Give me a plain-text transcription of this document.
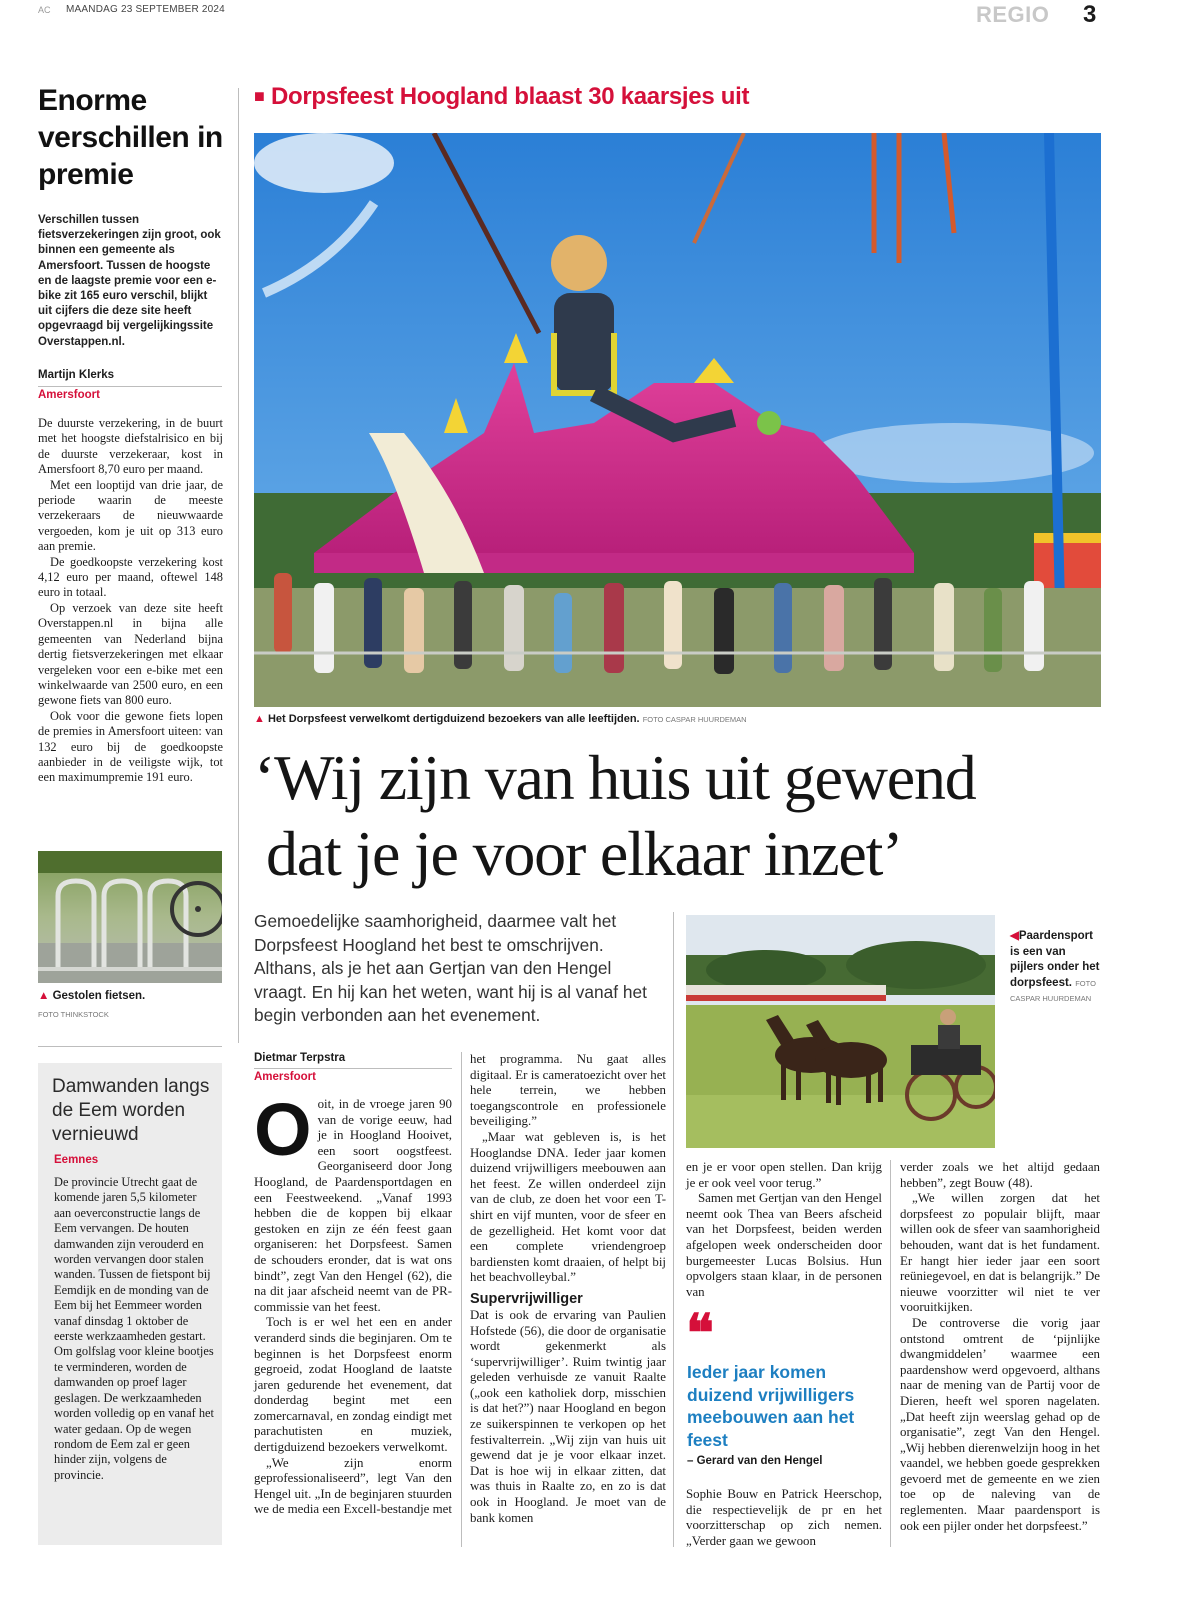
AC MAANDAG 23 SEPTEMBER 2024	REGIO 3
Enorme verschillen in premie
Verschillen tussen fietsverzekeringen zijn groot, ook binnen een gemeente als Amersfoort. Tussen de hoogste en de laagste premie voor een e-bike zit 165 euro verschil, blijkt uit cijfers die deze site heeft opgevraagd bij vergelijkingssite Overstappen.nl.
Martijn Klerks
Amersfoort

De duurste verzekering, in de buurt met het hoogste diefstalrisico en bij de duurste verzekeraar, kost in Amersfoort 8,70 euro per maand.

Met een looptijd van drie jaar, de periode waarin de meeste verzekeraars de nieuwwaarde vergoeden, kom je uit op 313 euro aan premie.

De goedkoopste verzekering kost 4,12 euro per maand, oftewel 148 euro in totaal.

Op verzoek van deze site heeft Overstappen.nl in bijna alle gemeenten van Nederland bijna dertig fietsverzekeringen met elkaar vergeleken voor een e-bike met een winkelwaarde van 2500 euro, en een gewone fiets van 800 euro.

Ook voor die gewone fiets lopen de premies in Amersfoort uiteen: van 132 euro bij de goedkoopste aanbieder in de veiligste wijk, tot een maximumpremie 191 euro.

▲ Gestolen fietsen.
FOTO THINKSTOCK
Damwanden langs de Eem worden vernieuwd
Eemnes
De provincie Utrecht gaat de komende jaren 5,5 kilometer aan oeverconstructie langs de Eem vervangen. De houten damwanden zijn verouderd en worden vervangen door stalen wanden. Tussen de fietspont bij Eemdijk en de monding van de Eem bij het Eemmeer worden vanaf dinsdag 1 oktober de eerste werkzaamheden gestart. Om golfslag voor kleine bootjes te verminderen, worden de damwanden op proef lager geslagen. De werkzaamheden worden volledig op en vanaf het water gedaan. Op de wegen rondom de Eem zal er geen hinder zijn, volgens de provincie.
■ Dorpsfeest Hoogland blaast 30 kaarsjes uit
▲ Het Dorpsfeest verwelkomt dertigduizend bezoekers van alle leeftijden. FOTO CASPAR HUURDEMAN
‘Wij zijn van huis uit gewend
dat je je voor elkaar inzet’
Gemoedelijke saamhorigheid, daarmee valt het Dorpsfeest Hoogland het best te omschrijven. Althans, als je het aan Gertjan van den Hengel vraagt. En hij kan het weten, want hij is al vanaf het begin verbonden aan het evenement.
Dietmar Terpstra
Amersfoort

Ooit, in de vroege jaren 90 van de vorige eeuw, had je in Hoogland Hooivet, een soort oogstfeest. Georganiseerd door Jong Hoogland, de Paardensportdagen en een Feestweekend. „Vanaf 1993 hebben die de koppen bij elkaar gestoken en zijn ze één feest gaan organiseren: het Dorpsfeest. Samen de schouders eronder, dat is wat ons bindt”, zegt Van den Hengel (62), die na dit jaar afscheid neemt van de PR-commissie van het feest.

Toch is er wel het een en ander veranderd sinds die beginjaren. Om te beginnen is het Dorpsfeest enorm gegroeid, zodat Hoogland de laatste jaren gedurende het evenement, dat donderdag begint met een zomercarnaval, en zondag eindigt met parachutisten en muziek, dertigduizend bezoekers verwelkomt.

„We zijn enorm geprofessionaliseerd”, legt Van den Hengel uit. „In de beginjaren stuurden we de media een Excell-bestandje met

het programma. Nu gaat alles digitaal. Er is cameratoezicht over het hele terrein, we hebben toegangscontrole en professionele beveiliging.”

„Maar wat gebleven is, is het Hooglandse DNA. Ieder jaar komen duizend vrijwilligers meebouwen aan het feest. Ze willen onderdeel zijn van de club, ze doen het voor een T-shirt en vijf munten, voor de sfeer en de gezelligheid. Het komt voor dat een complete vriendengroep bardiensten komt draaien, of helpt bij het beachvolleybal.”

Supervrijwilliger

Dat is ook de ervaring van Paulien Hofstede (56), die door de organisatie wordt gekenmerkt als ‘supervrijwilliger’. Ruim twintig jaar geleden verhuisde ze vanuit Raalte („ook een katholiek dorp, misschien is dat het?”) naar Hoogland en begon ze suikerspinnen te verkopen op het festivalterrein. „Wij zijn van huis uit gewend dat je je voor elkaar inzet. Dat is hoe wij in elkaar zitten, dat was thuis in Raalte zo, en zo is dat ook in Hoogland. Je moet van de bank komen

◀Paardensport is een van pijlers onder het dorpsfeest. FOTO CASPAR HUURDEMAN

en je er voor open stellen. Dan krijg je er ook veel voor terug.”

Samen met Gertjan van den Hengel neemt ook Thea van Beers afscheid van het Dorpsfeest, beiden werden afgelopen week onderscheiden door burgemeester Lucas Bolsius. Hun opvolgers staan klaar, in de personen van

❝
Ieder jaar komen duizend vrijwilligers meebouwen aan het feest
– Gerard van den Hengel

Sophie Bouw en Patrick Heerschop, die respectievelijk de pr en het voorzitterschap op zich nemen. „Verder gaan we gewoon

verder zoals we het altijd gedaan hebben”, zegt Bouw (48).

„We willen zorgen dat het dorpsfeest zo populair blijft, maar willen ook de sfeer van saamhorigheid behouden, want dat is het fundament. Er hangt hier ieder jaar een soort reüniegevoel, en dat is belangrijk.” De nieuwe voorzitter wil niet te ver vooruitkijken.

De controverse die vorig jaar ontstond omtrent de ‘pijnlijke dwangmiddelen’ waarmee een paardenshow werd opgevoerd, althans naar de mening van de Partij voor de Dieren, heeft wel sporen nagelaten. „Dat heeft zijn weerslag gehad op de organisatie”, zegt Van den Hengel. „Wij hebben dierenwelzijn hoog in het vaandel, we hebben goede gesprekken gevoerd met de gemeente en we zien toe op de naleving van de reglementen. Maar paardensport is ook een pijler onder het dorpsfeest.”
